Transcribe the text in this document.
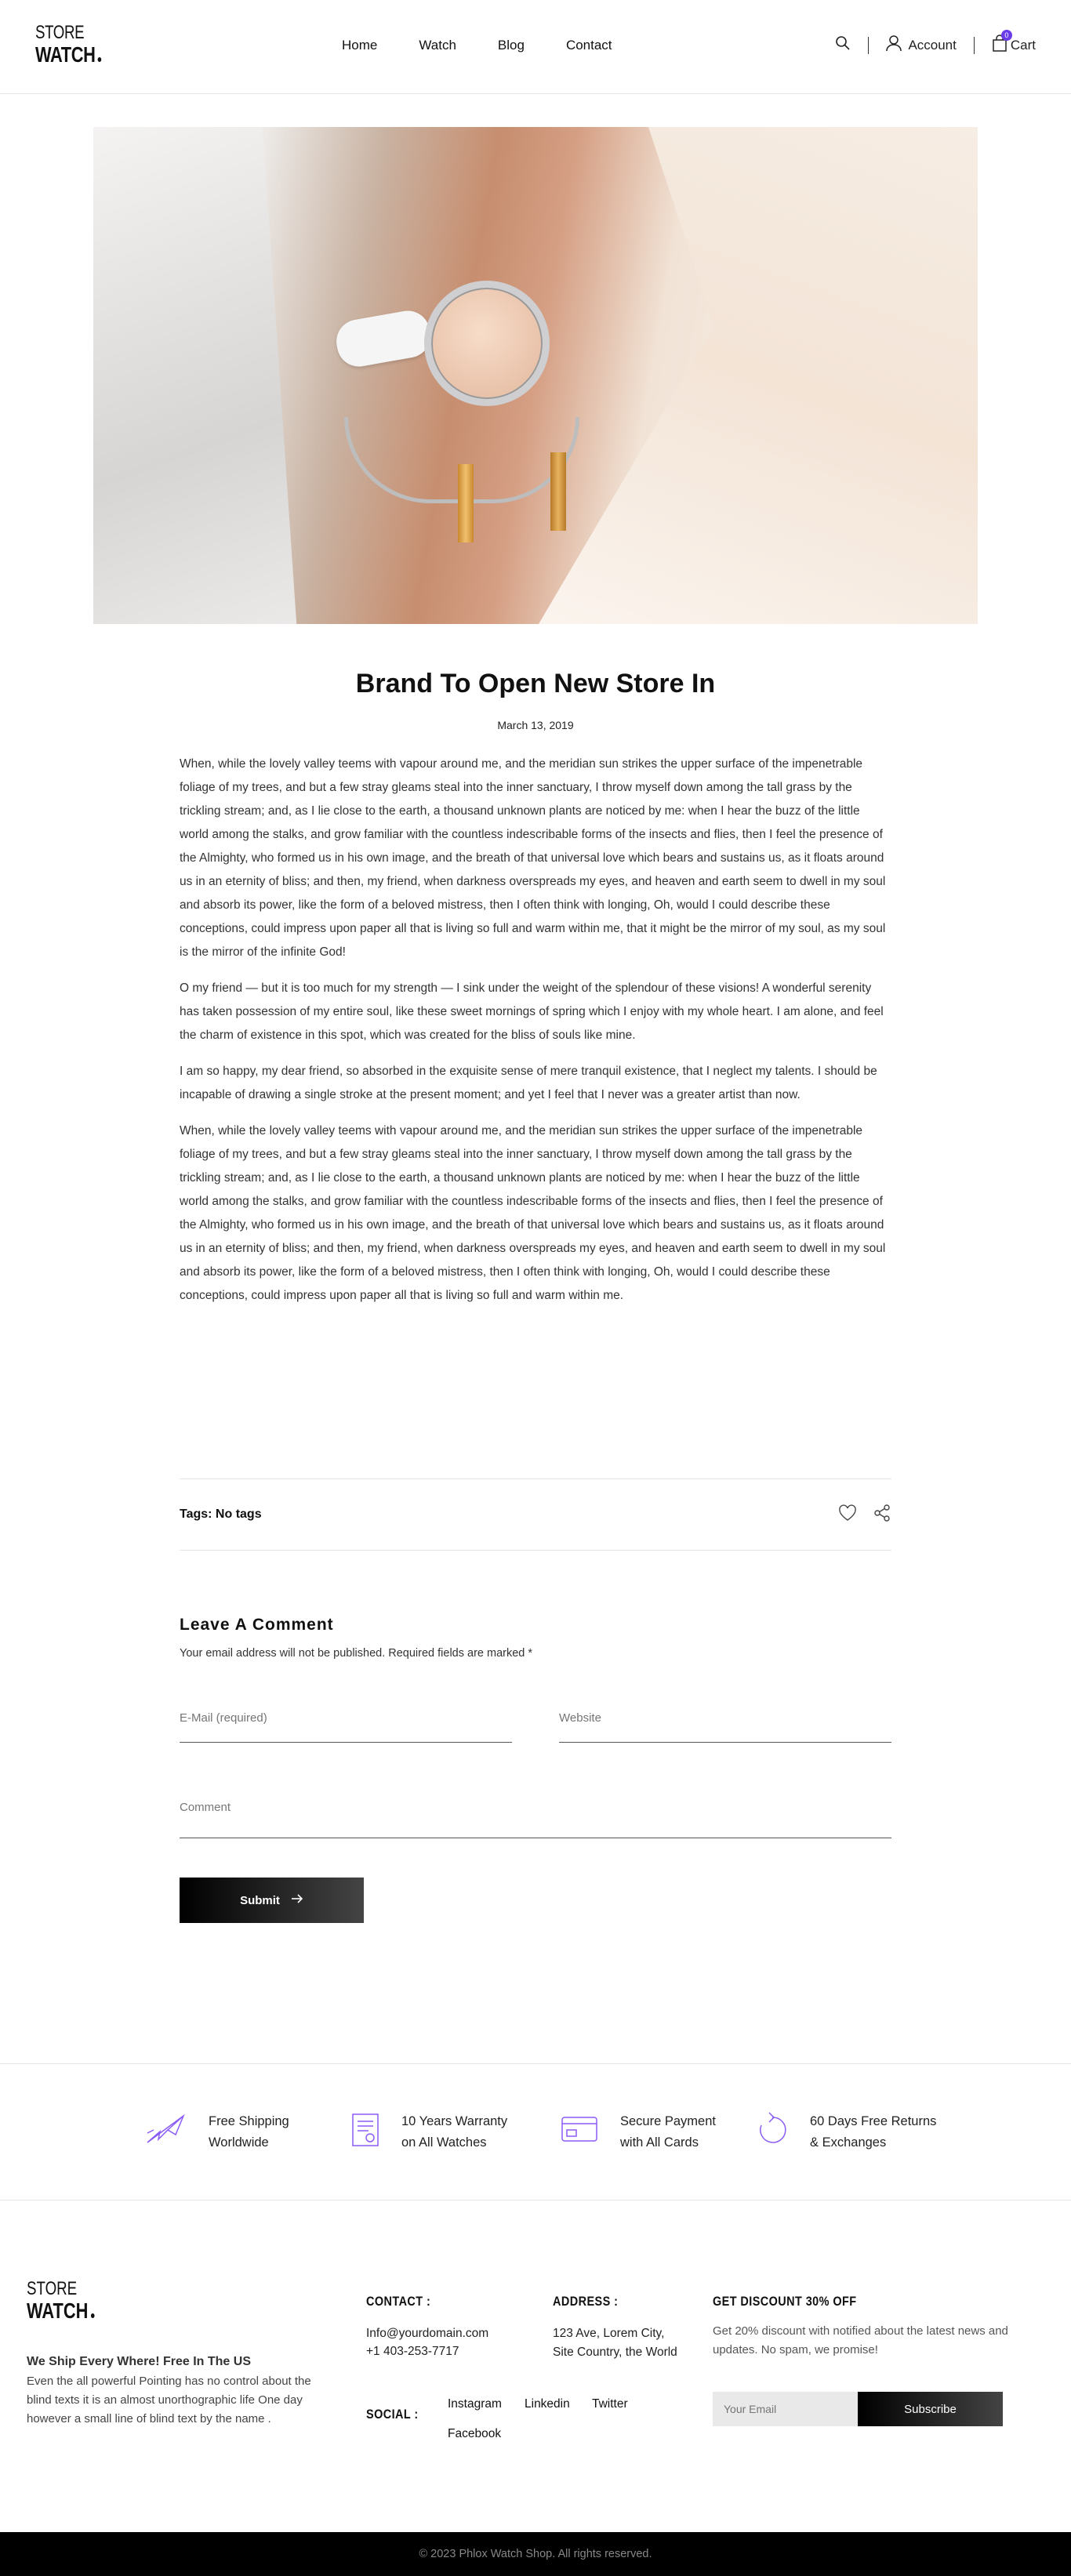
STORE
WATCH	Home	Watch	Blog	Contact	Account
0
Cart
Brand To Open New Store In
March 13, 2019

When, while the lovely valley teems with vapour around me, and the meridian sun strikes the upper surface of the impenetrable foliage of my trees, and but a few stray gleams steal into the inner sanctuary, I throw myself down among the tall grass by the trickling stream; and, as I lie close to the earth, a thousand unknown plants are noticed by me: when I hear the buzz of the little world among the stalks, and grow familiar with the countless indescribable forms of the insects and flies, then I feel the presence of the Almighty, who formed us in his own image, and the breath of that universal love which bears and sustains us, as it floats around us in an eternity of bliss; and then, my friend, when darkness overspreads my eyes, and heaven and earth seem to dwell in my soul and absorb its power, like the form of a beloved mistress, then I often think with longing, Oh, would I could describe these conceptions, could impress upon paper all that is living so full and warm within me, that it might be the mirror of my soul, as my soul is the mirror of the infinite God!

O my friend — but it is too much for my strength — I sink under the weight of the splendour of these visions! A wonderful serenity has taken possession of my entire soul, like these sweet mornings of spring which I enjoy with my whole heart. I am alone, and feel the charm of existence in this spot, which was created for the bliss of souls like mine.

I am so happy, my dear friend, so absorbed in the exquisite sense of mere tranquil existence, that I neglect my talents. I should be incapable of drawing a single stroke at the present moment; and yet I feel that I never was a greater artist than now.

When, while the lovely valley teems with vapour around me, and the meridian sun strikes the upper surface of the impenetrable foliage of my trees, and but a few stray gleams steal into the inner sanctuary, I throw myself down among the tall grass by the trickling stream; and, as I lie close to the earth, a thousand unknown plants are noticed by me: when I hear the buzz of the little world among the stalks, and grow familiar with the countless indescribable forms of the insects and flies, then I feel the presence of the Almighty, who formed us in his own image, and the breath of that universal love which bears and sustains us, as it floats around us in an eternity of bliss; and then, my friend, when darkness overspreads my eyes, and heaven and earth seem to dwell in my soul and absorb its power, like the form of a beloved mistress, then I often think with longing, Oh, would I could describe these conceptions, could impress upon paper all that is living so full and warm within me.

Tags: No tags
Leave A Comment
Your email address will not be published. Required fields are marked *
E-Mail (required)
Website
Comment
Submit
Free Shipping
Worldwide
10 Years Warranty
on All Watches
Secure Payment
with All Cards
60 Days Free Returns
& Exchanges
STORE
WATCH
We Ship Every Where! Free In The US
Even the all powerful Pointing has no control about the blind texts it is an almost unorthographic life One day however a small line of blind text by the name .
CONTACT :
Info@yourdomain.com
+1 403-253-7717
ADDRESS :
123 Ave, Lorem City, Site Country, the World
SOCIAL :
Instagram Linkedin Twitter
Facebook
GET DISCOUNT 30% OFF
Get 20% discount with notified about the latest news and updates. No spam, we promise!
Your Email
Subscribe
© 2023 Phlox Watch Shop. All rights reserved.
